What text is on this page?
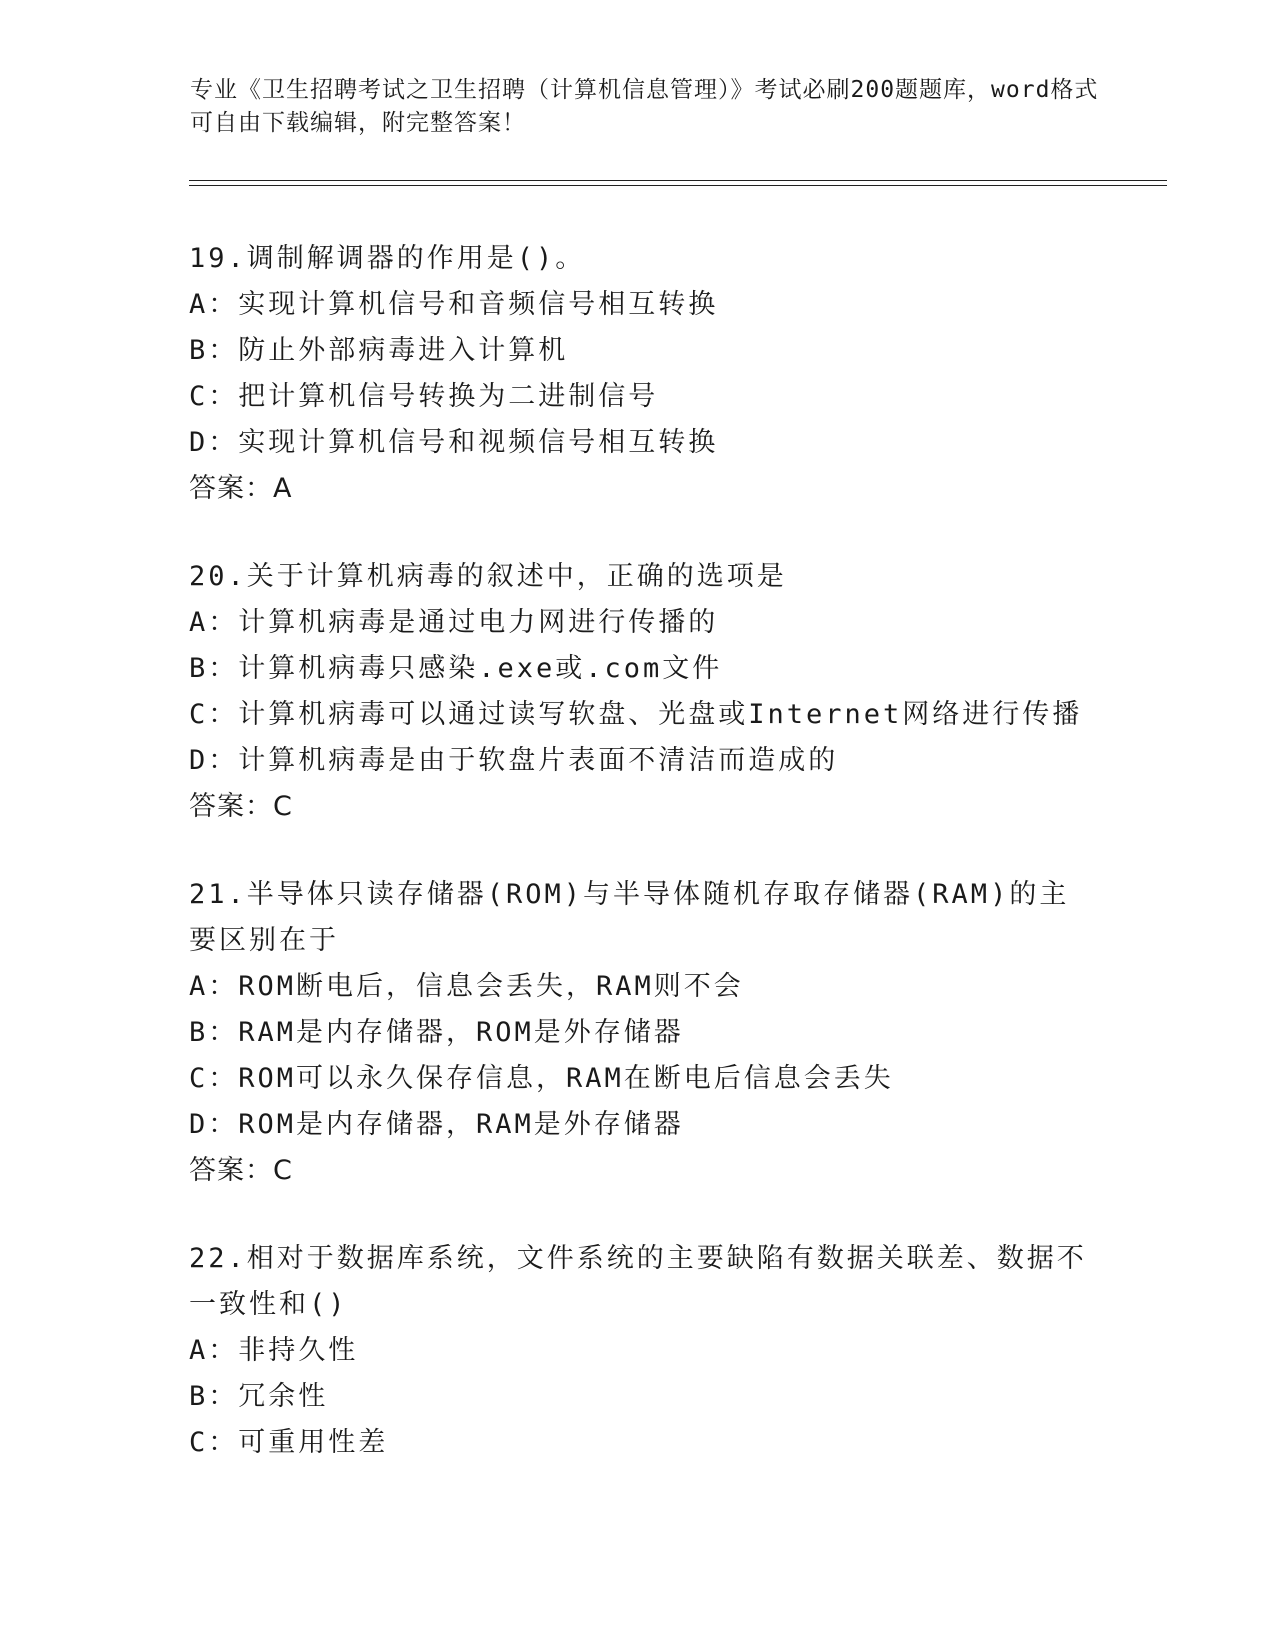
专业《卫生招聘考试之卫生招聘（计算机信息管理）》考试必刷200题题库，word格式可自由下载编辑，附完整答案！
19.调制解调器的作用是()。
A：实现计算机信号和音频信号相互转换
B：防止外部病毒进入计算机
C：把计算机信号转换为二进制信号
D：实现计算机信号和视频信号相互转换
答案：A
20.关于计算机病毒的叙述中，正确的选项是
A：计算机病毒是通过电力网进行传播的
B：计算机病毒只感染.exe或.com文件
C：计算机病毒可以通过读写软盘、光盘或Internet网络进行传播
D：计算机病毒是由于软盘片表面不清洁而造成的
答案：C
21.半导体只读存储器(ROM)与半导体随机存取存储器(RAM)的主要区别在于
A：ROM断电后，信息会丢失，RAM则不会
B：RAM是内存储器，ROM是外存储器
C：ROM可以永久保存信息，RAM在断电后信息会丢失
D：ROM是内存储器，RAM是外存储器
答案：C
22.相对于数据库系统，文件系统的主要缺陷有数据关联差、数据不一致性和()
A：非持久性
B：冗余性
C：可重用性差
